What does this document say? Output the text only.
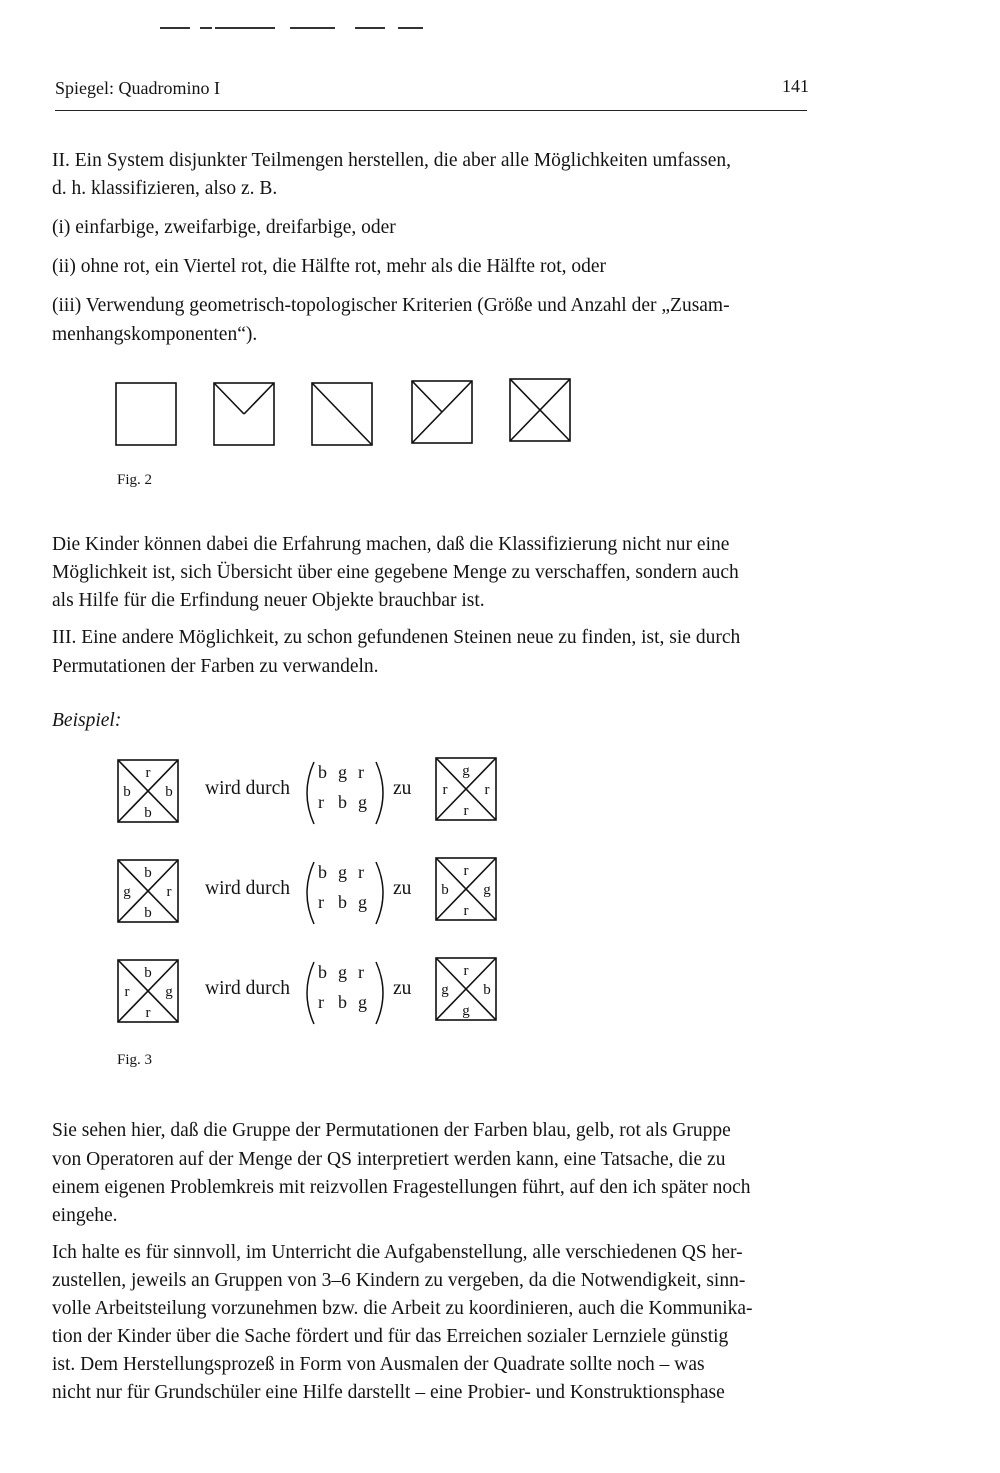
Spiegel: Quadromino I	141
II. Ein System disjunkter Teilmengen herstellen, die aber alle Möglichkeiten umfassen,
d. h. klassifizieren, also z. B.
(i) einfarbige, zweifarbige, dreifarbige, oder
(ii) ohne rot, ein Viertel rot, die Hälfte rot, mehr als die Hälfte rot, oder
(iii) Verwendung geometrisch-topologischer Kriterien (Größe und Anzahl der „Zusam-
menhangskomponenten“).
Fig. 2
Die Kinder können dabei die Erfahrung machen, daß die Klassifizierung nicht nur eine
Möglichkeit ist, sich Übersicht über eine gegebene Menge zu verschaffen, sondern auch
als Hilfe für die Erfindung neuer Objekte brauchbar ist.
III. Eine andere Möglichkeit, zu schon gefundenen Steinen neue zu finden, ist, sie durch
Permutationen der Farben zu verwandeln.
Beispiel:
r
b b
b
wird durch
b g r
r b g
zu
g
r r
r
b
g r
b
wird durch
b g r
r b g
zu
r
b g
r
b
r g
r
wird durch
b g r
r b g
zu
r
g b
g
Fig. 3
Sie sehen hier, daß die Gruppe der Permutationen der Farben blau, gelb, rot als Gruppe
von Operatoren auf der Menge der QS interpretiert werden kann, eine Tatsache, die zu
einem eigenen Problemkreis mit reizvollen Fragestellungen führt, auf den ich später noch
eingehe.
Ich halte es für sinnvoll, im Unterricht die Aufgabenstellung, alle verschiedenen QS her-
zustellen, jeweils an Gruppen von 3–6 Kindern zu vergeben, da die Notwendigkeit, sinn-
volle Arbeitsteilung vorzunehmen bzw. die Arbeit zu koordinieren, auch die Kommunika-
tion der Kinder über die Sache fördert und für das Erreichen sozialer Lernziele günstig
ist. Dem Herstellungsprozeß in Form von Ausmalen der Quadrate sollte noch – was
nicht nur für Grundschüler eine Hilfe darstellt – eine Probier- und Konstruktionsphase
